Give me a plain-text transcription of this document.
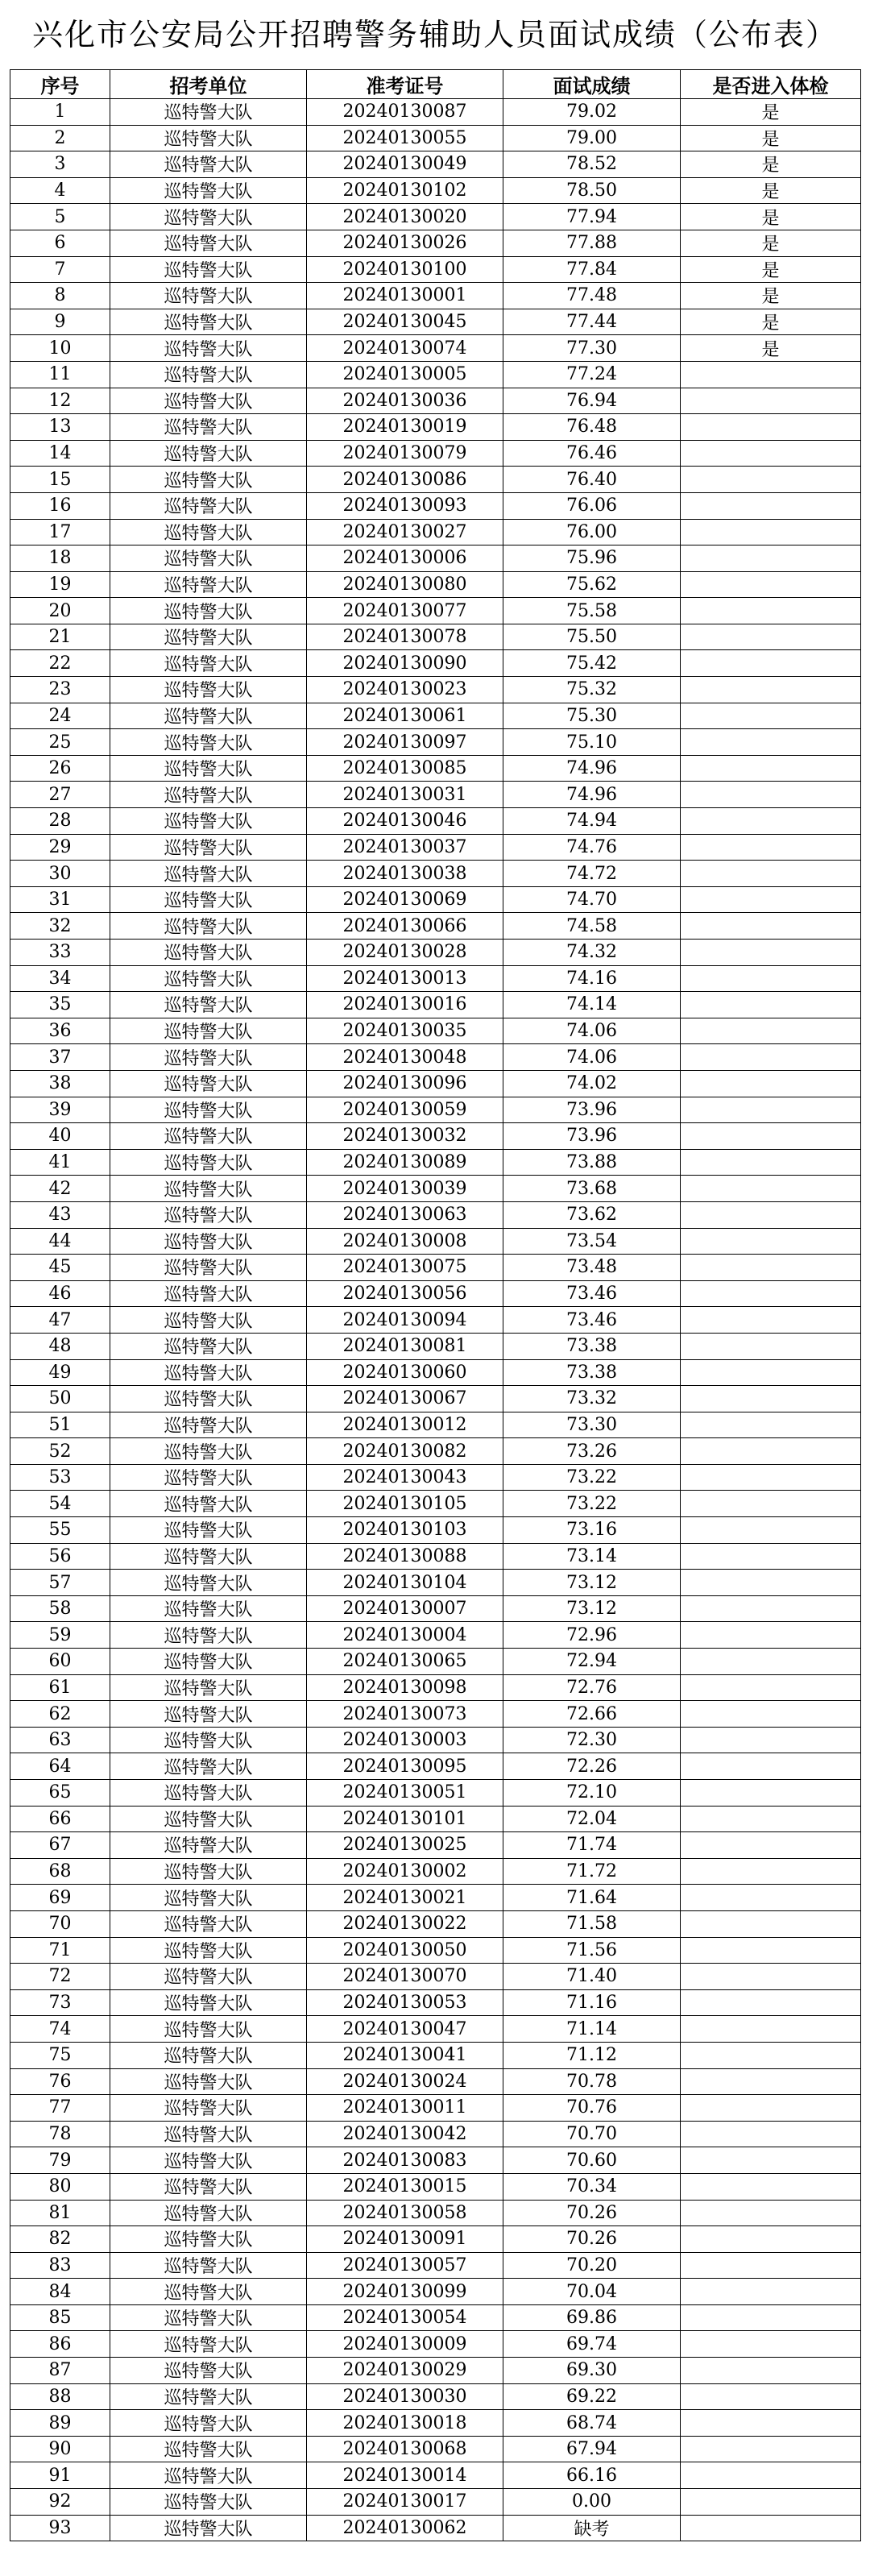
兴化市公安局公开招聘警务辅助人员面试成绩（公布表）
序号	招考单位	准考证号	面试成绩	是否进入体检
1	巡特警大队	20240130087	79.02	是
2	巡特警大队	20240130055	79.00	是
3	巡特警大队	20240130049	78.52	是
4	巡特警大队	20240130102	78.50	是
5	巡特警大队	20240130020	77.94	是
6	巡特警大队	20240130026	77.88	是
7	巡特警大队	20240130100	77.84	是
8	巡特警大队	20240130001	77.48	是
9	巡特警大队	20240130045	77.44	是
10	巡特警大队	20240130074	77.30	是
11	巡特警大队	20240130005	77.24	
12	巡特警大队	20240130036	76.94	
13	巡特警大队	20240130019	76.48	
14	巡特警大队	20240130079	76.46	
15	巡特警大队	20240130086	76.40	
16	巡特警大队	20240130093	76.06	
17	巡特警大队	20240130027	76.00	
18	巡特警大队	20240130006	75.96	
19	巡特警大队	20240130080	75.62	
20	巡特警大队	20240130077	75.58	
21	巡特警大队	20240130078	75.50	
22	巡特警大队	20240130090	75.42	
23	巡特警大队	20240130023	75.32	
24	巡特警大队	20240130061	75.30	
25	巡特警大队	20240130097	75.10	
26	巡特警大队	20240130085	74.96	
27	巡特警大队	20240130031	74.96	
28	巡特警大队	20240130046	74.94	
29	巡特警大队	20240130037	74.76	
30	巡特警大队	20240130038	74.72	
31	巡特警大队	20240130069	74.70	
32	巡特警大队	20240130066	74.58	
33	巡特警大队	20240130028	74.32	
34	巡特警大队	20240130013	74.16	
35	巡特警大队	20240130016	74.14	
36	巡特警大队	20240130035	74.06	
37	巡特警大队	20240130048	74.06	
38	巡特警大队	20240130096	74.02	
39	巡特警大队	20240130059	73.96	
40	巡特警大队	20240130032	73.96	
41	巡特警大队	20240130089	73.88	
42	巡特警大队	20240130039	73.68	
43	巡特警大队	20240130063	73.62	
44	巡特警大队	20240130008	73.54	
45	巡特警大队	20240130075	73.48	
46	巡特警大队	20240130056	73.46	
47	巡特警大队	20240130094	73.46	
48	巡特警大队	20240130081	73.38	
49	巡特警大队	20240130060	73.38	
50	巡特警大队	20240130067	73.32	
51	巡特警大队	20240130012	73.30	
52	巡特警大队	20240130082	73.26	
53	巡特警大队	20240130043	73.22	
54	巡特警大队	20240130105	73.22	
55	巡特警大队	20240130103	73.16	
56	巡特警大队	20240130088	73.14	
57	巡特警大队	20240130104	73.12	
58	巡特警大队	20240130007	73.12	
59	巡特警大队	20240130004	72.96	
60	巡特警大队	20240130065	72.94	
61	巡特警大队	20240130098	72.76	
62	巡特警大队	20240130073	72.66	
63	巡特警大队	20240130003	72.30	
64	巡特警大队	20240130095	72.26	
65	巡特警大队	20240130051	72.10	
66	巡特警大队	20240130101	72.04	
67	巡特警大队	20240130025	71.74	
68	巡特警大队	20240130002	71.72	
69	巡特警大队	20240130021	71.64	
70	巡特警大队	20240130022	71.58	
71	巡特警大队	20240130050	71.56	
72	巡特警大队	20240130070	71.40	
73	巡特警大队	20240130053	71.16	
74	巡特警大队	20240130047	71.14	
75	巡特警大队	20240130041	71.12	
76	巡特警大队	20240130024	70.78	
77	巡特警大队	20240130011	70.76	
78	巡特警大队	20240130042	70.70	
79	巡特警大队	20240130083	70.60	
80	巡特警大队	20240130015	70.34	
81	巡特警大队	20240130058	70.26	
82	巡特警大队	20240130091	70.26	
83	巡特警大队	20240130057	70.20	
84	巡特警大队	20240130099	70.04	
85	巡特警大队	20240130054	69.86	
86	巡特警大队	20240130009	69.74	
87	巡特警大队	20240130029	69.30	
88	巡特警大队	20240130030	69.22	
89	巡特警大队	20240130018	68.74	
90	巡特警大队	20240130068	67.94	
91	巡特警大队	20240130014	66.16	
92	巡特警大队	20240130017	0.00	
93	巡特警大队	20240130062	缺考	
